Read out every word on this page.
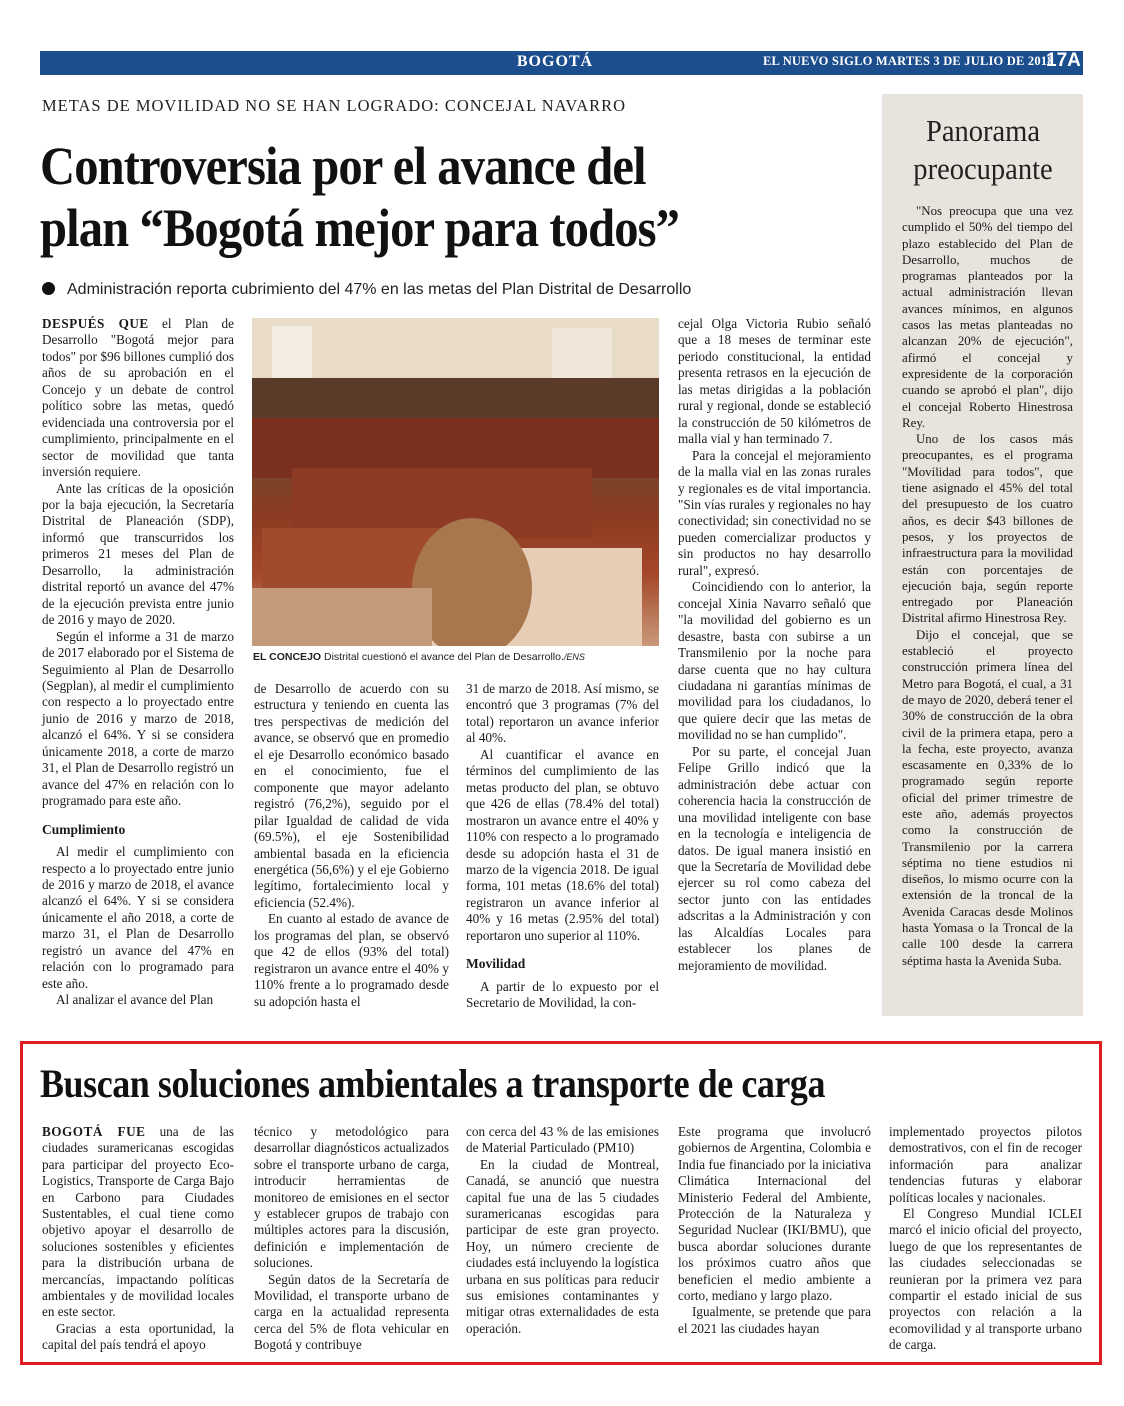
BOGOTÁ	EL NUEVO SIGLO MARTES 3 DE JULIO DE 2018
17A
METAS DE MOVILIDAD NO SE HAN LOGRADO: CONCEJAL NAVARRO
Controversia por el avance del
plan “Bogotá mejor para todos”
Administración reporta cubrimiento del 47% en las metas del Plan Distrital de Desarrollo

DESPUÉS QUE el Plan de Desarrollo "Bogotá mejor para todos" por $96 billones cumplió dos años de su aprobación en el Concejo y un debate de control político sobre las metas, quedó evidenciada una controversia por el cumplimiento, principalmente en el sector de movilidad que tanta inversión requiere.

Ante las críticas de la oposición por la baja ejecución, la Secretaría Distrital de Planeación (SDP), informó que transcurridos los primeros 21 meses del Plan de Desarrollo, la administración distrital reportó un avance del 47% de la ejecución prevista entre junio de 2016 y mayo de 2020.

Según el informe a 31 de marzo de 2017 elaborado por el Sistema de Seguimiento al Plan de Desarrollo (Segplan), al medir el cumplimiento con respecto a lo proyectado entre junio de 2016 y marzo de 2018, alcanzó el 64%. Y si se considera únicamente 2018, a corte de marzo 31, el Plan de Desarrollo registró un avance del 47% en relación con lo programado para este año.

Cumplimiento

Al medir el cumplimiento con respecto a lo proyectado entre junio de 2016 y marzo de 2018, el avance alcanzó el 64%. Y si se considera únicamente el año 2018, a corte de marzo 31, el Plan de Desarrollo registró un avance del 47% en relación con lo programado para este año.

Al analizar el avance del Plan

EL CONCEJO Distrital cuestionó el avance del Plan de Desarrollo./ENS

de Desarrollo de acuerdo con su estructura y teniendo en cuenta las tres perspectivas de medición del avance, se observó que en promedio el eje Desarrollo económico basado en el conocimiento, fue el componente que mayor adelanto registró (76,2%), seguido por el pilar Igualdad de calidad de vida (69.5%), el eje Sostenibilidad ambiental basada en la eficiencia energética (56,6%) y el eje Gobierno legítimo, fortalecimiento local y eficiencia (52.4%).

En cuanto al estado de avance de los programas del plan, se observó que 42 de ellos (93% del total) registraron un avance entre el 40% y 110% frente a lo programado desde su adopción hasta el

31 de marzo de 2018. Así mismo, se encontró que 3 programas (7% del total) reportaron un avance inferior al 40%.

Al cuantificar el avance en términos del cumplimiento de las metas producto del plan, se obtuvo que 426 de ellas (78.4% del total) mostraron un avance entre el 40% y 110% con respecto a lo programado desde su adopción hasta el 31 de marzo de la vigencia 2018. De igual forma, 101 metas (18.6% del total) registraron un avance inferior al 40% y 16 metas (2.95% del total) reportaron uno superior al 110%.

Movilidad

A partir de lo expuesto por el Secretario de Movilidad, la con-

cejal Olga Victoria Rubio señaló que a 18 meses de terminar este periodo constitucional, la entidad presenta retrasos en la ejecución de las metas dirigidas a la población rural y regional, donde se estableció la construcción de 50 kilómetros de malla vial y han terminado 7.

Para la concejal el mejoramiento de la malla vial en las zonas rurales y regionales es de vital importancia. "Sin vías rurales y regionales no hay conectividad; sin conectividad no se pueden comercializar productos y sin productos no hay desarrollo rural", expresó.

Coincidiendo con lo anterior, la concejal Xinia Navarro señaló que "la movilidad del gobierno es un desastre, basta con subirse a un Transmilenio por la noche para darse cuenta que no hay cultura ciudadana ni garantías mínimas de movilidad para los ciudadanos, lo que quiere decir que las metas de movilidad no se han cumplido".

Por su parte, el concejal Juan Felipe Grillo indicó que la administración debe actuar con coherencia hacia la construcción de una movilidad inteligente con base en la tecnología e inteligencia de datos. De igual manera insistió en que la Secretaría de Movilidad debe ejercer su rol como cabeza del sector junto con las entidades adscritas a la Administración y con las Alcaldías Locales para establecer los planes de mejoramiento de movilidad.

Panorama
preocupante

"Nos preocupa que una vez cumplido el 50% del tiempo del plazo establecido del Plan de Desarrollo, muchos de programas planteados por la actual administración llevan avances mínimos, en algunos casos las metas planteadas no alcanzan 20% de ejecución", afirmó el concejal y expresidente de la corporación cuando se aprobó el plan", dijo el concejal Roberto Hinestrosa Rey.

Uno de los casos más preocupantes, es el programa "Movilidad para todos", que tiene asignado el 45% del total del presupuesto de los cuatro años, es decir $43 billones de pesos, y los proyectos de infraestructura para la movilidad están con porcentajes de ejecución baja, según reporte entregado por Planeación Distrital afirmo Hinestrosa Rey.

Dijo el concejal, que se estableció el proyecto construcción primera línea del Metro para Bogotá, el cual, a 31 de mayo de 2020, deberá tener el 30% de construcción de la obra civil de la primera etapa, pero a la fecha, este proyecto, avanza escasamente en 0,33% de lo programado según reporte oficial del primer trimestre de este año, además proyectos como la construcción de Transmilenio por la carrera séptima no tiene estudios ni diseños, lo mismo ocurre con la extensión de la troncal de la Avenida Caracas desde Molinos hasta Yomasa o la Troncal de la calle 100 desde la carrera séptima hasta la Avenida Suba.

Buscan soluciones ambientales a transporte de carga

BOGOTÁ FUE una de las ciudades suramericanas escogidas para participar del proyecto Eco-Logistics, Transporte de Carga Bajo en Carbono para Ciudades Sustentables, el cual tiene como objetivo apoyar el desarrollo de soluciones sostenibles y eficientes para la distribución urbana de mercancías, impactando políticas ambientales y de movilidad locales en este sector.

Gracias a esta oportunidad, la capital del país tendrá el apoyo

técnico y metodológico para desarrollar diagnósticos actualizados sobre el transporte urbano de carga, introducir herramientas de monitoreo de emisiones en el sector y establecer grupos de trabajo con múltiples actores para la discusión, definición e implementación de soluciones.

Según datos de la Secretaría de Movilidad, el transporte urbano de carga en la actualidad representa cerca del 5% de flota vehicular en Bogotá y contribuye

con cerca del 43 % de las emisiones de Material Particulado (PM10)

En la ciudad de Montreal, Canadá, se anunció que nuestra capital fue una de las 5 ciudades suramericanas escogidas para participar de este gran proyecto. Hoy, un número creciente de ciudades está incluyendo la logística urbana en sus políticas para reducir sus emisiones contaminantes y mitigar otras externalidades de esta operación.

Este programa que involucró gobiernos de Argentina, Colombia e India fue financiado por la iniciativa Climática Internacional del Ministerio Federal del Ambiente, Protección de la Naturaleza y Seguridad Nuclear (IKI/BMU), que busca abordar soluciones durante los próximos cuatro años que beneficien el medio ambiente a corto, mediano y largo plazo.

Igualmente, se pretende que para el 2021 las ciudades hayan

implementado proyectos pilotos demostrativos, con el fin de recoger información para analizar tendencias futuras y elaborar políticas locales y nacionales.

El Congreso Mundial ICLEI marcó el inicio oficial del proyecto, luego de que los representantes de las ciudades seleccionadas se reunieran por la primera vez para compartir el estado inicial de sus proyectos con relación a la ecomovilidad y al transporte urbano de carga.
